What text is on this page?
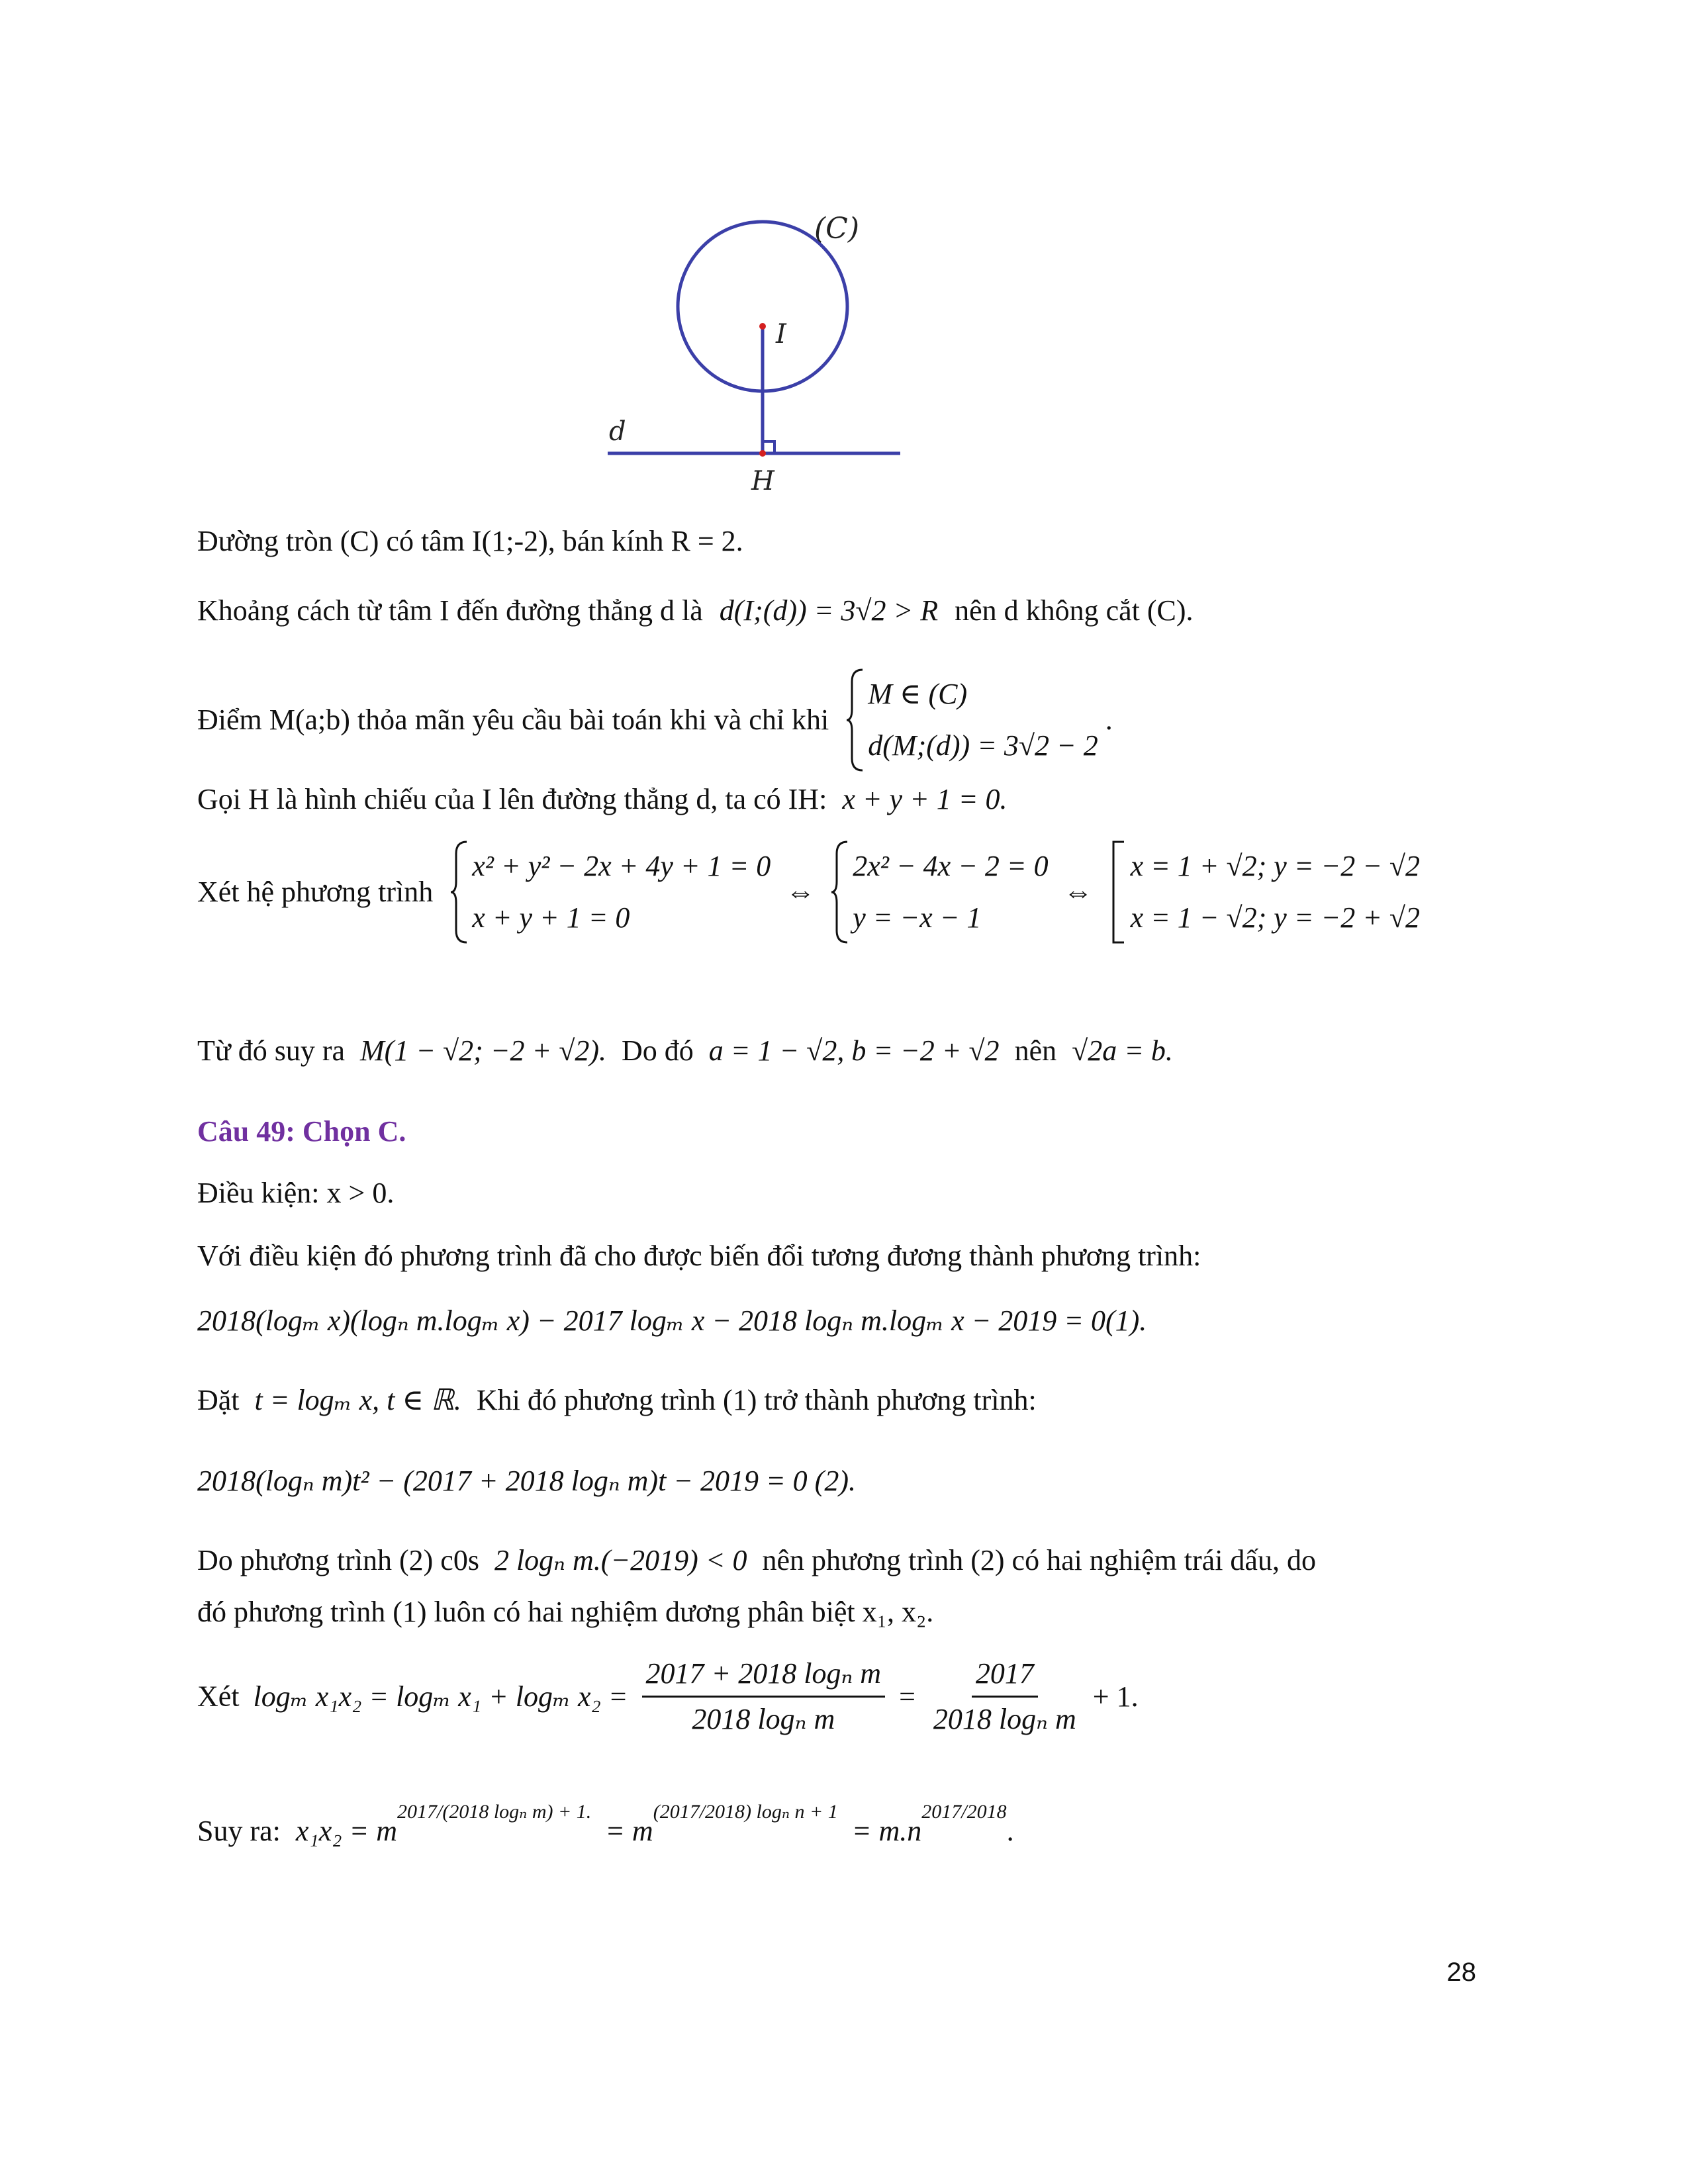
(C)
I
d
H
Đường tròn (C) có tâm I(1;-2), bán kính R = 2.
Khoảng cách từ tâm I đến đường thẳng d là d(I;(d)) = 3√2 > R nên d không cắt (C).
Điểm M(a;b) thỏa mãn yêu cầu bài toán khi và chỉ khi
M ∈ (C)
d(M;(d)) = 3√2 − 2
.
Gọi H là hình chiếu của I lên đường thẳng d, ta có IH: x + y + 1 = 0.
Xét hệ phương trình
x² + y² − 2x + 4y + 1 = 0
x + y + 1 = 0
⇔
2x² − 4x − 2 = 0
y = −x − 1
⇔
x = 1 + √2; y = −2 − √2
x = 1 − √2; y = −2 + √2
Từ đó suy ra M(1 − √2; −2 + √2). Do đó a = 1 − √2, b = −2 + √2 nên √2a = b.
Câu 49: Chọn C.
Điều kiện: x > 0.
Với điều kiện đó phương trình đã cho được biến đổi tương đương thành phương trình:
2018(logₘ x)(logₙ m.logₘ x) − 2017 logₘ x − 2018 logₙ m.logₘ x − 2019 = 0(1).
Đặt t = logₘ x, t ∈ ℝ. Khi đó phương trình (1) trở thành phương trình:
2018(logₙ m)t² − (2017 + 2018 logₙ m)t − 2019 = 0 (2).
Do phương trình (2) c0s 2 logₙ m.(−2019) < 0 nên phương trình (2) có hai nghiệm trái dấu, do
đó phương trình (1) luôn có hai nghiệm dương phân biệt x₁, x₂.
Xét logₘ x₁x₂ = logₘ x₁ + logₘ $x_2 = \frac{\text{2017 + 2018 logₙ m}}{\text{2018 logₙ m}} = \frac{2017}{\text{2018 logₙ m}} + 1$.
Suy ra: $x_1x_2 = m^{2017/(2018 log_n m) + 1.} = m^{(2017/2018) log_n n + 1} = m.n^{2017/2018}$.
28
